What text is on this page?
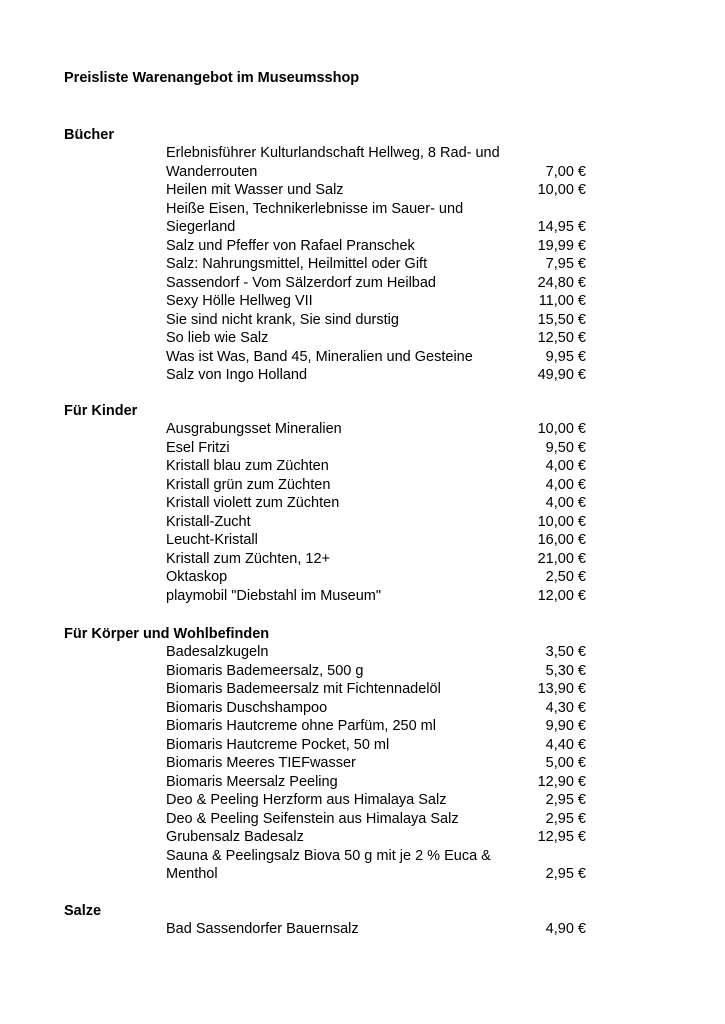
Preisliste Warenangebot im Museumsshop
Bücher
Erlebnisführer Kulturlandschaft Hellweg, 8 Rad- und Wanderrouten	7,00 €
Heilen mit Wasser und Salz	10,00 €
Heiße Eisen, Technikerlebnisse im Sauer- und Siegerland	14,95 €
Salz und Pfeffer von Rafael Pranschek	19,99 €
Salz: Nahrungsmittel, Heilmittel oder Gift	7,95 €
Sassendorf - Vom Sälzerdorf zum Heilbad	24,80 €
Sexy Hölle Hellweg VII	11,00 €
Sie sind nicht krank, Sie sind durstig	15,50 €
So lieb wie Salz	12,50 €
Was ist Was, Band 45, Mineralien und Gesteine	9,95 €
Salz von Ingo Holland	49,90 €
Für Kinder
Ausgrabungsset Mineralien	10,00 €
Esel Fritzi	9,50 €
Kristall blau zum Züchten	4,00 €
Kristall grün zum Züchten	4,00 €
Kristall violett zum Züchten	4,00 €
Kristall-Zucht	10,00 €
Leucht-Kristall	16,00 €
Kristall zum Züchten, 12+	21,00 €
Oktaskop	2,50 €
playmobil "Diebstahl im Museum"	12,00 €
Für Körper und Wohlbefinden
Badesalzkugeln	3,50 €
Biomaris Bademeersalz, 500 g	5,30 €
Biomaris Bademeersalz mit Fichtennadelöl	13,90 €
Biomaris Duschshampoo	4,30 €
Biomaris Hautcreme ohne Parfüm, 250 ml	9,90 €
Biomaris Hautcreme Pocket, 50 ml	4,40 €
Biomaris Meeres TIEFwasser	5,00 €
Biomaris Meersalz Peeling	12,90 €
Deo & Peeling Herzform aus Himalaya Salz	2,95 €
Deo & Peeling Seifenstein aus Himalaya Salz	2,95 €
Grubensalz Badesalz	12,95 €
Sauna & Peelingsalz Biova 50 g mit je 2 % Euca & Menthol	2,95 €
Salze
Bad Sassendorfer Bauernsalz	4,90 €
